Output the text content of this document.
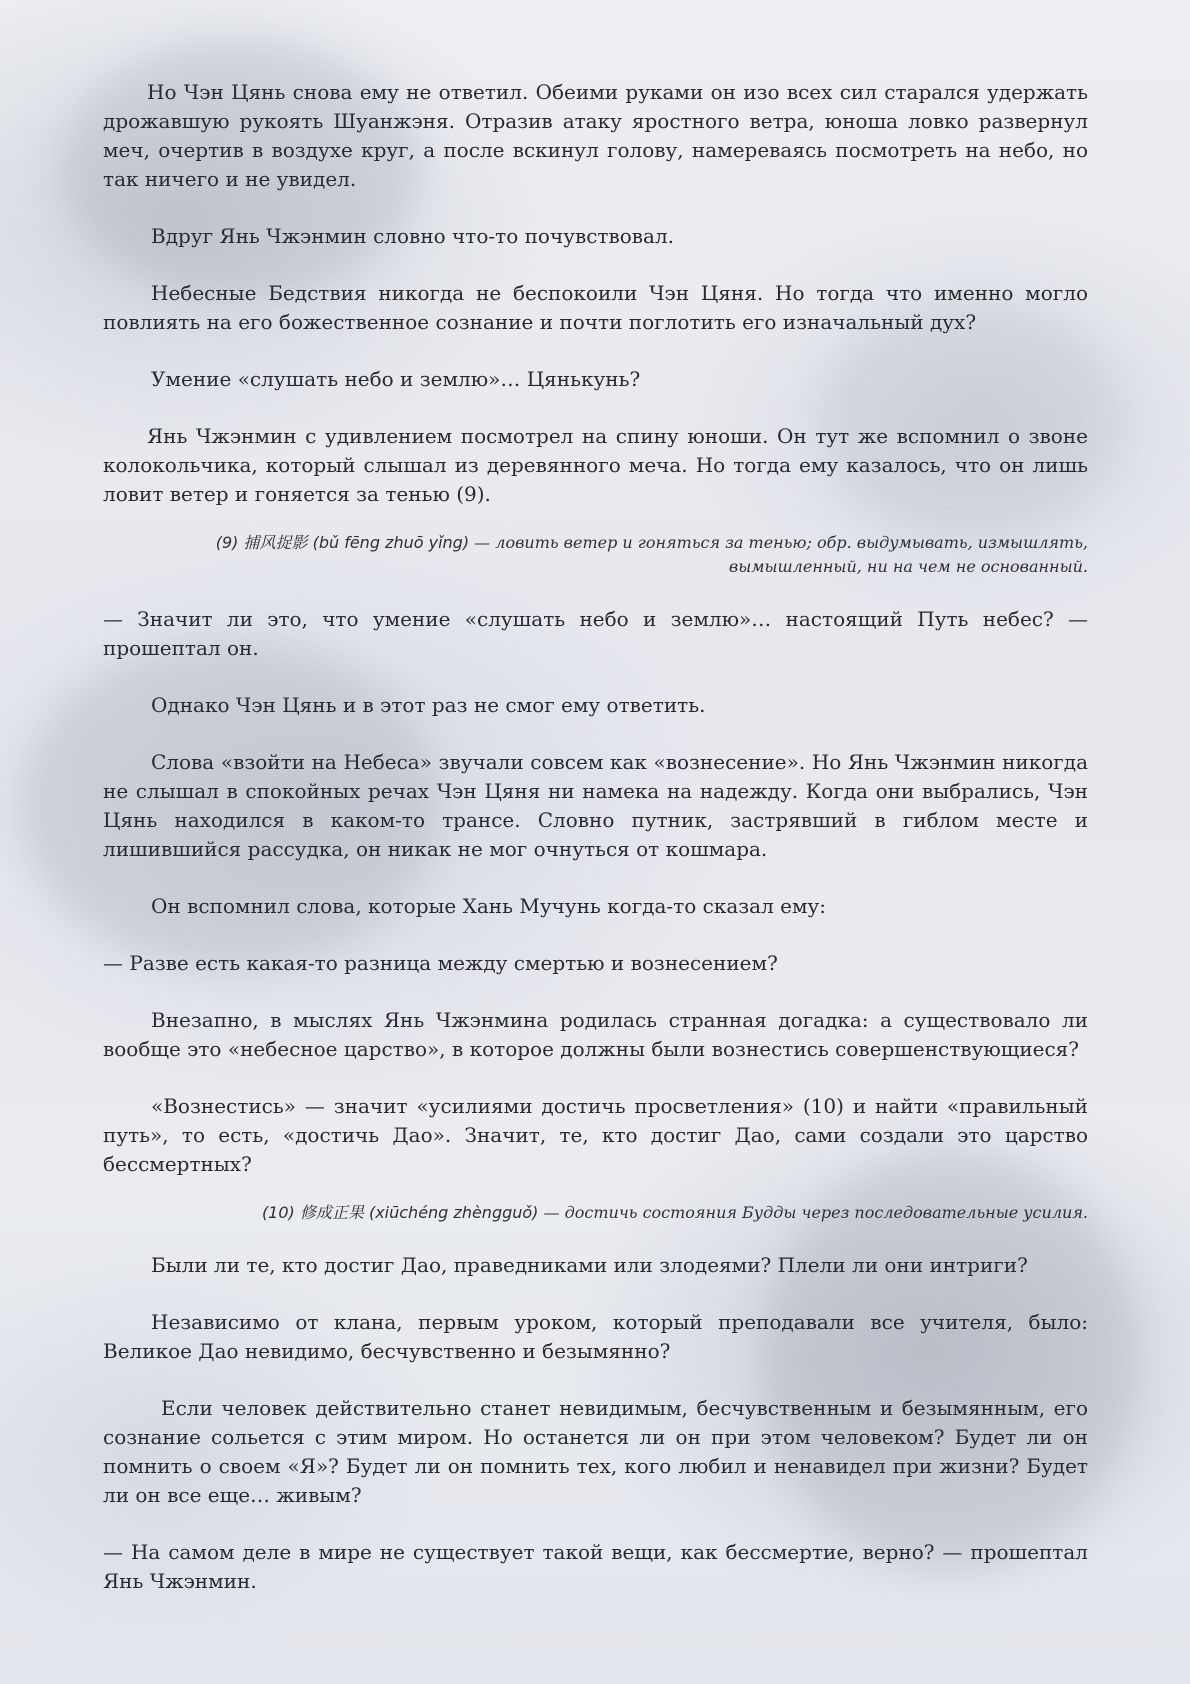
Но Чэн Цянь снова ему не ответил. Обеими руками он изо всех сил старался удержать дрожавшую рукоять Шуанжэня. Отразив атаку яростного ветра, юноша ловко развернул меч, очертив в воздухе круг, а после вскинул голову, намереваясь посмотреть на небо, но так ничего и не увидел.

Вдруг Янь Чжэнмин словно что-то почувствовал.

Небесные Бедствия никогда не беспокоили Чэн Цяня. Но тогда что именно могло повлиять на его божественное сознание и почти поглотить его изначальный дух?

Умение «слушать небо и землю»… Цянькунь?

Янь Чжэнмин с удивлением посмотрел на спину юноши. Он тут же вспомнил о звоне колокольчика, который слышал из деревянного меча. Но тогда ему казалось, что он лишь ловит ветер и гоняется за тенью (9).

(9) 捕风捉影 (bǔ fēng zhuō yǐng) — ловить ветер и гоняться за тенью; обр. выдумывать, измышлять, вымышленный, ни на чем не основанный.

— Значит ли это, что умение «слушать небо и землю»… настоящий Путь небес? — прошептал он.

Однако Чэн Цянь и в этот раз не смог ему ответить.

Слова «взойти на Небеса» звучали совсем как «вознесение». Но Янь Чжэнмин никогда не слышал в спокойных речах Чэн Цяня ни намека на надежду. Когда они выбрались, Чэн Цянь находился в каком-то трансе. Словно путник, застрявший в гиблом месте и лишившийся рассудка, он никак не мог очнуться от кошмара.

Он вспомнил слова, которые Хань Мучунь когда-то сказал ему:

— Разве есть какая-то разница между смертью и вознесением?

Внезапно, в мыслях Янь Чжэнмина родилась странная догадка: а существовало ли вообще это «небесное царство», в которое должны были вознестись совершенствующиеся?

«Вознестись» — значит «усилиями достичь просветления» (10) и найти «правильный путь», то есть, «достичь Дао». Значит, те, кто достиг Дао, сами создали это царство бессмертных?

(10) 修成正果 (xiūchéng zhèngguǒ) — достичь состояния Будды через последовательные усилия.

Были ли те, кто достиг Дао, праведниками или злодеями? Плели ли они интриги?

Независимо от клана, первым уроком, который преподавали все учителя, было: Великое Дао невидимо, бесчувственно и безымянно?

Если человек действительно станет невидимым, бесчувственным и безымянным, его сознание сольется с этим миром. Но останется ли он при этом человеком? Будет ли он помнить о своем «Я»? Будет ли он помнить тех, кого любил и ненавидел при жизни? Будет ли он все еще… живым?

— На самом деле в мире не существует такой вещи, как бессмертие, верно? — прошептал Янь Чжэнмин.
